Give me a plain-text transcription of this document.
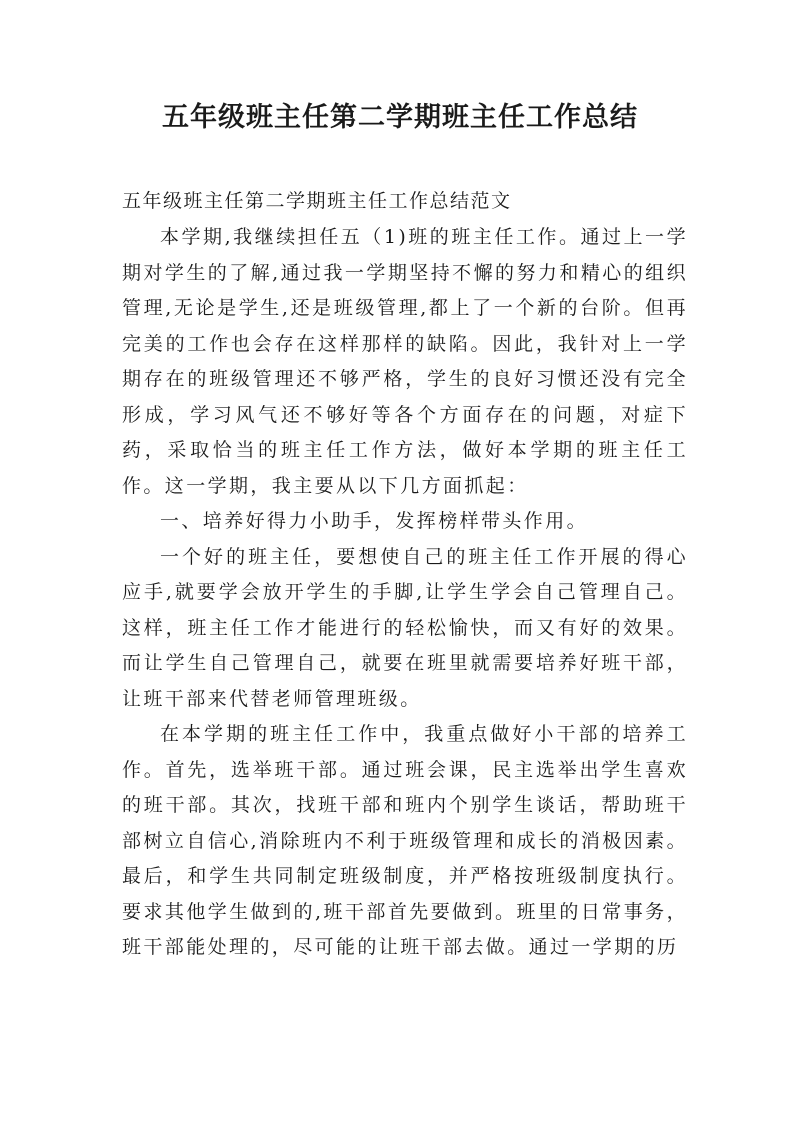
五年级班主任第二学期班主任工作总结
五年级班主任第二学期班主任工作总结范文

本学期,我继续担任五（1)班的班主任工作。通过上一学期对学生的了解,通过我一学期坚持不懈的努力和精心的组织管理,无论是学生,还是班级管理,都上了一个新的台阶。但再完美的工作也会存在这样那样的缺陷。因此，我针对上一学期存在的班级管理还不够严格，学生的良好习惯还没有完全形成，学习风气还不够好等各个方面存在的问题，对症下药，采取恰当的班主任工作方法，做好本学期的班主任工作。这一学期，我主要从以下几方面抓起：

一、培养好得力小助手，发挥榜样带头作用。

一个好的班主任，要想使自己的班主任工作开展的得心应手,就要学会放开学生的手脚,让学生学会自己管理自己。这样，班主任工作才能进行的轻松愉快，而又有好的效果。而让学生自己管理自己，就要在班里就需要培养好班干部，让班干部来代替老师管理班级。

在本学期的班主任工作中，我重点做好小干部的培养工作。首先，选举班干部。通过班会课，民主选举出学生喜欢的班干部。其次，找班干部和班内个别学生谈话，帮助班干部树立自信心,消除班内不利于班级管理和成长的消极因素。最后，和学生共同制定班级制度，并严格按班级制度执行。要求其他学生做到的,班干部首先要做到。班里的日常事务，班干部能处理的，尽可能的让班干部去做。通过一学期的历
